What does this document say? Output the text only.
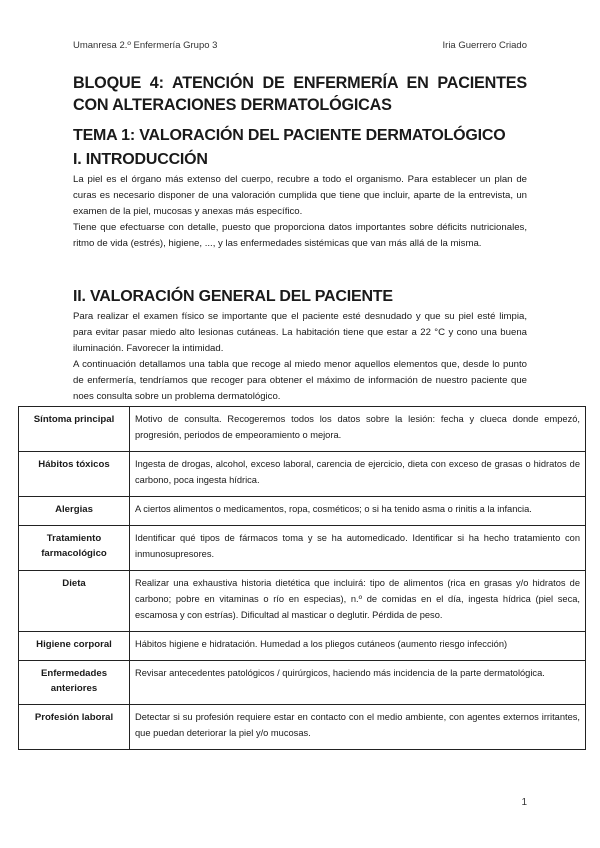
Umanresa 2.º Enfermería Grupo 3	Iria Guerrero Criado
BLOQUE 4: ATENCIÓN DE ENFERMERÍA EN PACIENTES CON ALTERACIONES DERMATOLÓGICAS
TEMA 1: VALORACIÓN DEL PACIENTE DERMATOLÓGICO
I. INTRODUCCIÓN
La piel es el órgano más extenso del cuerpo, recubre a todo el organismo. Para establecer un plan de curas es necesario disponer de una valoración cumplida que tiene que incluir, aparte de la entrevista, un examen de la piel, mucosas y anexas más específico.
Tiene que efectuarse con detalle, puesto que proporciona datos importantes sobre déficits nutricionales, ritmo de vida (estrés), higiene, ..., y las enfermedades sistémicas que van más allá de la misma.
II. VALORACIÓN GENERAL DEL PACIENTE
Para realizar el examen físico se importante que el paciente esté desnudado y que su piel esté limpia, para evitar pasar miedo alto lesionas cutáneas. La habitación tiene que estar a 22 °C y cono una buena iluminación. Favorecer la intimidad.
A continuación detallamos una tabla que recoge al miedo menor aquellos elementos que, desde lo punto de enfermería, tendríamos que recoger para obtener el máximo de información de nuestro paciente que noes consulta sobre un problema dermatológico.
Síntoma principal	Motivo de consulta. Recogeremos todos los datos sobre la lesión: fecha y clueca donde empezó, progresión, periodos de empeoramiento o mejora.
Hábitos tóxicos	Ingesta de drogas, alcohol, exceso laboral, carencia de ejercicio, dieta con exceso de grasas o hidratos de carbono, poca ingesta hídrica.
Alergias	A ciertos alimentos o medicamentos, ropa, cosméticos; o si ha tenido asma o rinitis a la infancia.
Tratamiento farmacológico	Identificar qué tipos de fármacos toma y se ha automedicado. Identificar si ha hecho tratamiento con inmunosupresores.
Dieta	Realizar una exhaustiva historia dietética que incluirá: tipo de alimentos (rica en grasas y/o hidratos de carbono; pobre en vitaminas o río en especias), n.º de comidas en el día, ingesta hídrica (piel seca, escamosa y con estrías). Dificultad al masticar o deglutir. Pérdida de peso.
Higiene corporal	Hábitos higiene e hidratación. Humedad a los pliegos cutáneos (aumento riesgo infección)
Enfermedades anteriores	Revisar antecedentes patológicos / quirúrgicos, haciendo más incidencia de la parte dermatológica.
Profesión laboral	Detectar si su profesión requiere estar en contacto con el medio ambiente, con agentes externos irritantes, que puedan deteriorar la piel y/o mucosas.
1
